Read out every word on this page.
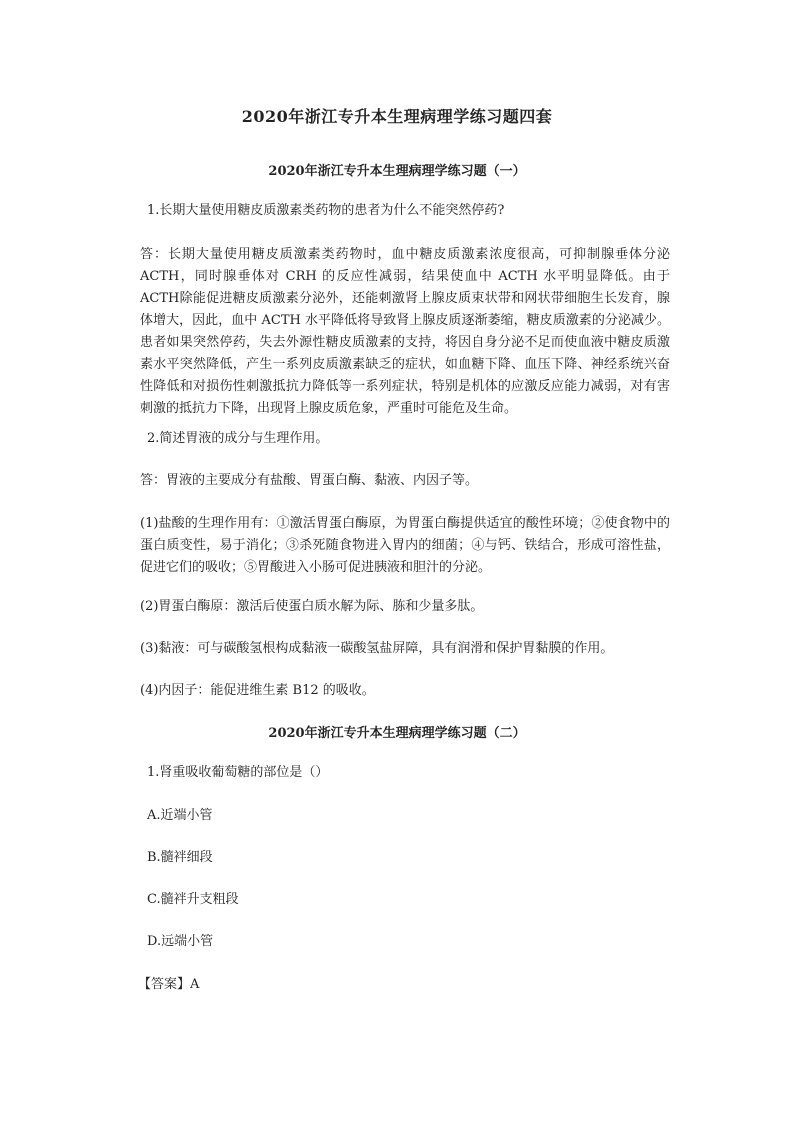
2020年浙江专升本生理病理学练习题四套
2020年浙江专升本生理病理学练习题（一）
1.长期大量使用糖皮质激素类药物的患者为什么不能突然停药?
答：长期大量使用糖皮质激素类药物时，血中糖皮质激素浓度很高，可抑制腺垂体分泌 ACTH，同时腺垂体对 CRH 的反应性减弱，结果使血中 ACTH 水平明显降低。由于 ACTH除能促进糖皮质激素分泌外，还能刺激肾上腺皮质束状带和网状带细胞生长发育，腺体增大，因此，血中 ACTH 水平降低将导致肾上腺皮质逐渐萎缩，糖皮质激素的分泌减少。患者如果突然停药，失去外源性糖皮质激素的支持，将因自身分泌不足而使血液中糖皮质激素水平突然降低，产生一系列皮质激素缺乏的症状，如血糖下降、血压下降、神经系统兴奋性降低和对损伤性刺激抵抗力降低等一系列症状，特别是机体的应激反应能力减弱，对有害刺激的抵抗力下降，出现肾上腺皮质危象，严重时可能危及生命。
2.简述胃液的成分与生理作用。
答：胃液的主要成分有盐酸、胃蛋白酶、黏液、内因子等。
(1)盐酸的生理作用有：①激活胃蛋白酶原，为胃蛋白酶提供适宜的酸性环境；②使食物中的蛋白质变性，易于消化；③杀死随食物进入胃内的细菌；④与钙、铁结合，形成可溶性盐，促进它们的吸收；⑤胃酸进入小肠可促进胰液和胆汁的分泌。
(2)胃蛋白酶原：激活后使蛋白质水解为际、胨和少量多肽。
(3)黏液：可与碳酸氢根构成黏液一碳酸氢盐屏障，具有润滑和保护胃黏膜的作用。
(4)内因子：能促进维生素 B12 的吸收。
2020年浙江专升本生理病理学练习题（二）
1.肾重吸收葡萄糖的部位是（）
A.近端小管
B.髓袢细段
C.髓袢升支粗段
D.远端小管
【答案】A
